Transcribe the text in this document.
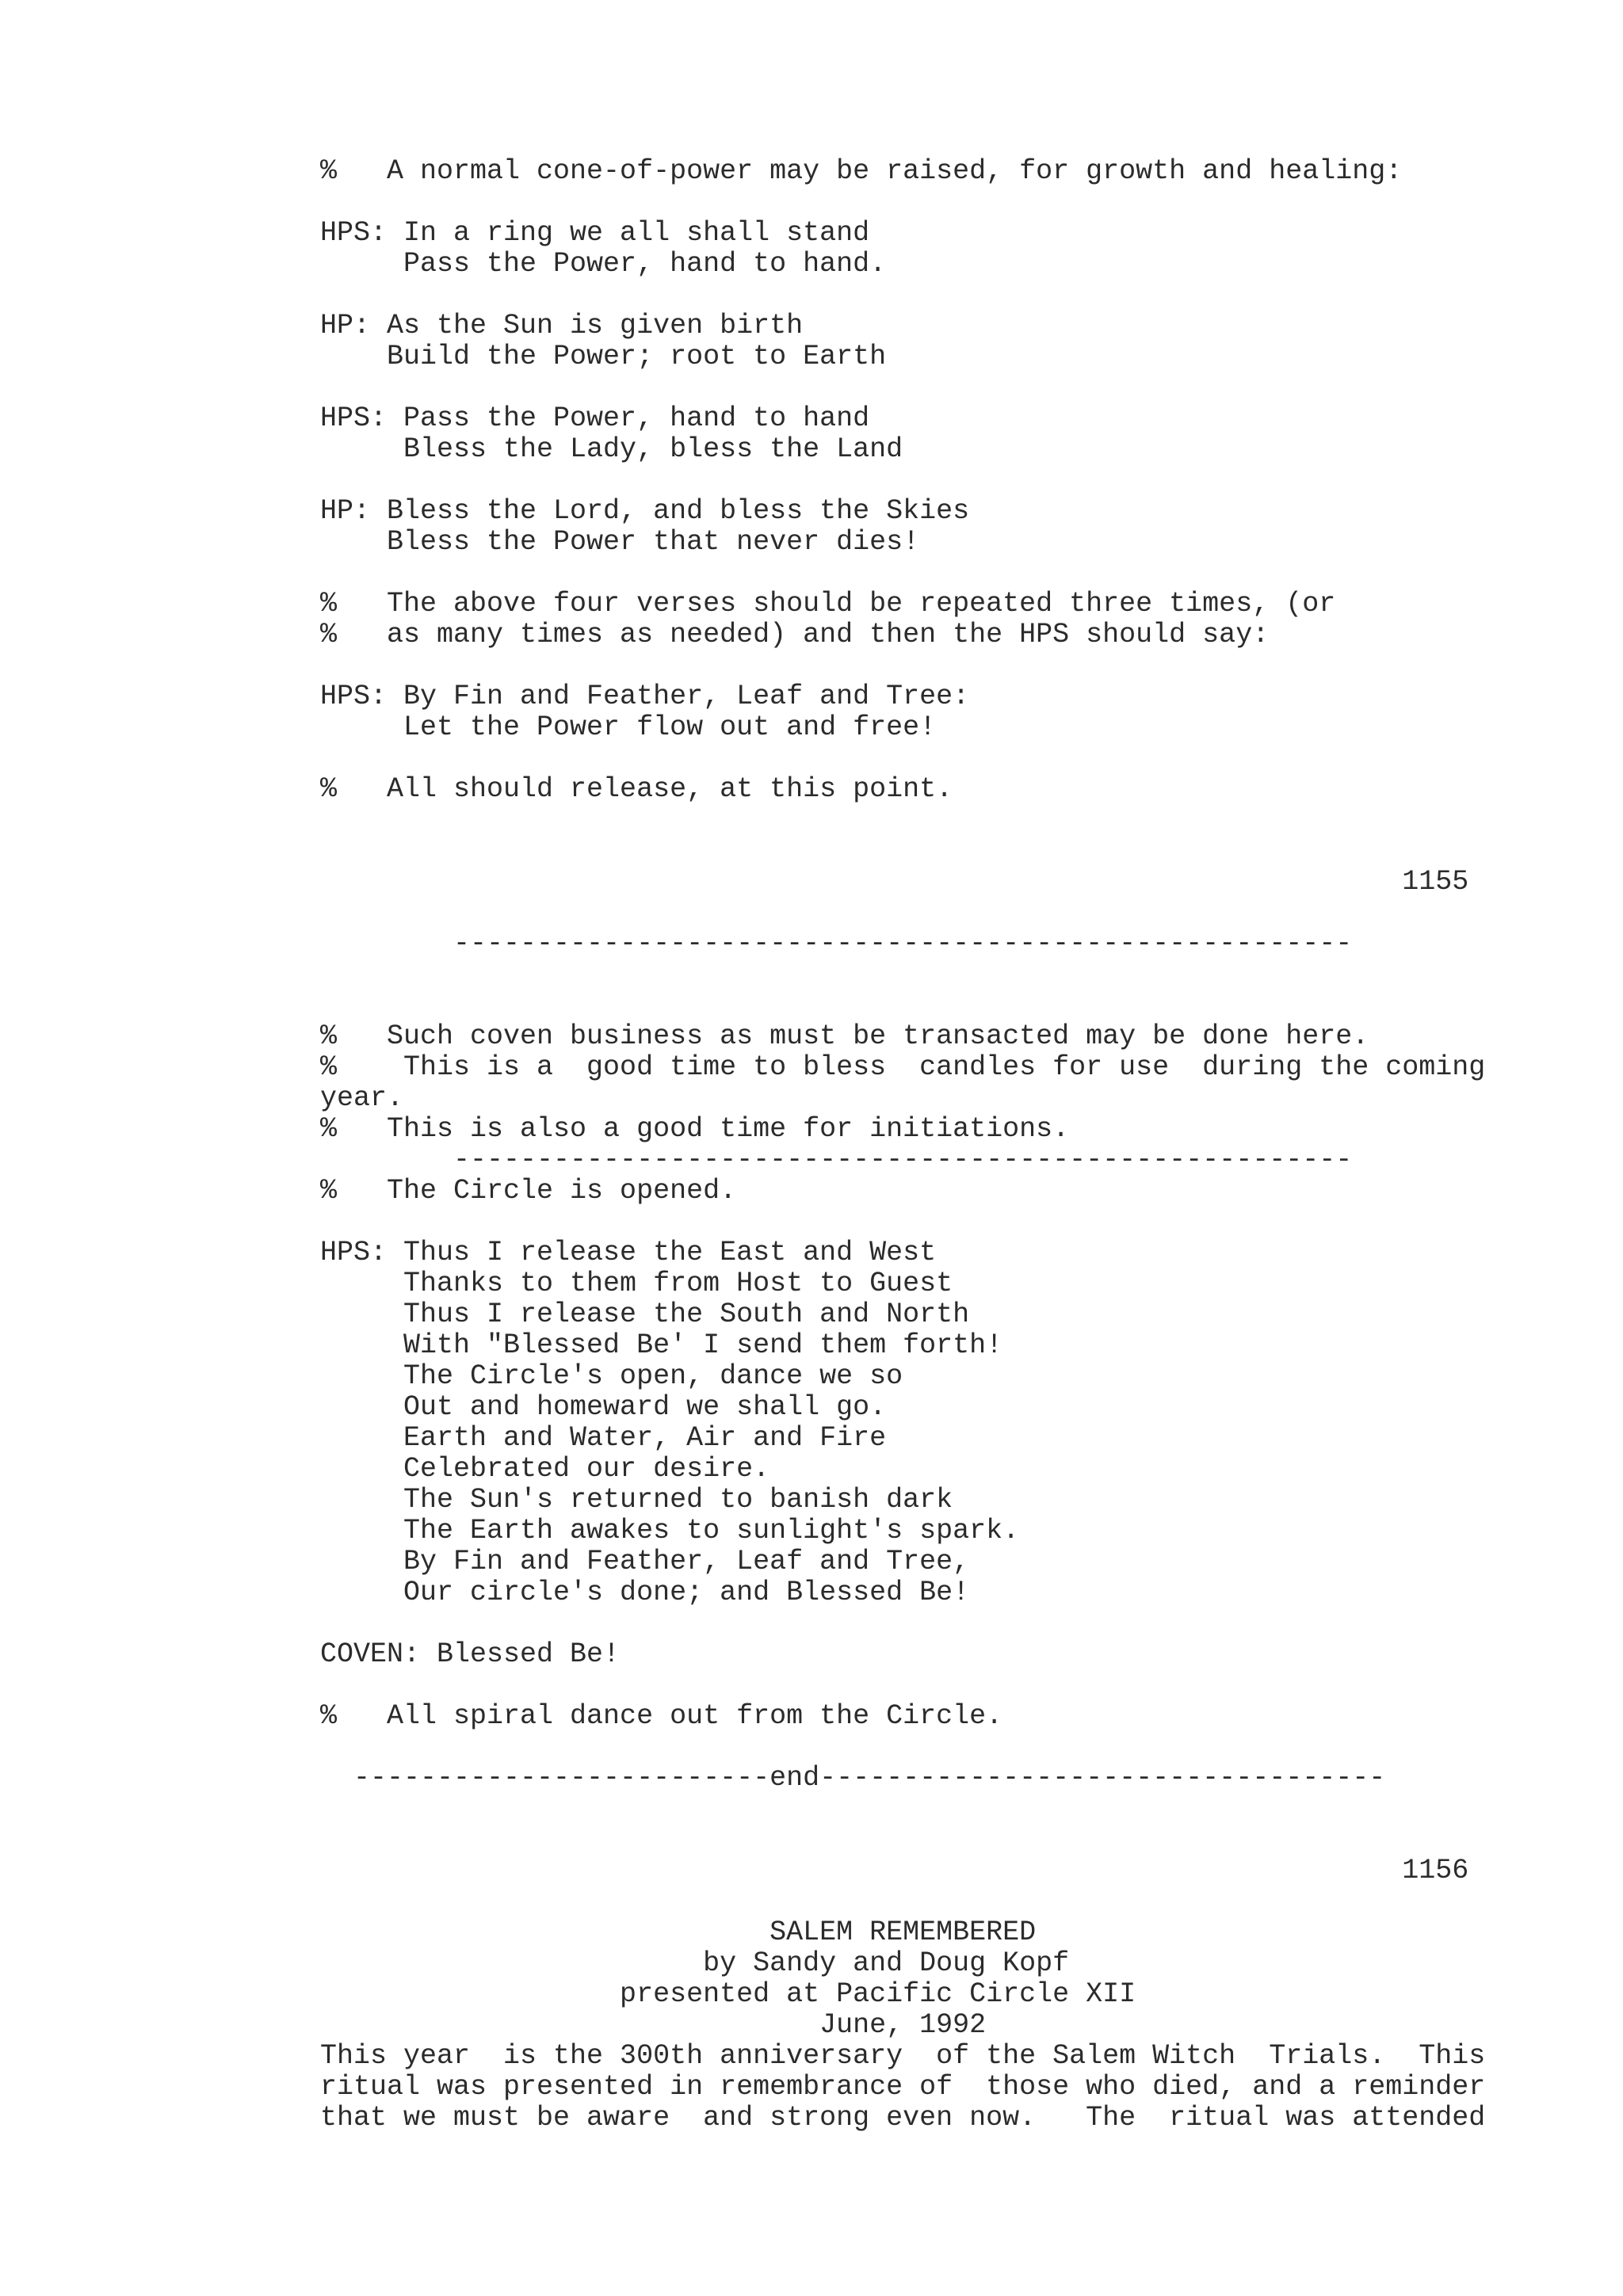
%   A normal cone-of-power may be raised, for growth and healing:
HPS: In a ring we all shall stand
Pass the Power, hand to hand.
HP: As the Sun is given birth
Build the Power; root to Earth
HPS: Pass the Power, hand to hand
Bless the Lady, bless the Land
HP: Bless the Lord, and bless the Skies
Bless the Power that never dies!
%   The above four verses should be repeated three times, (or
%   as many times as needed) and then the HPS should say:
HPS: By Fin and Feather, Leaf and Tree:
Let the Power flow out and free!
%   All should release, at this point.
1155
------------------------------------------------------
%   Such coven business as must be transacted may be done here.
%    This is a  good time to bless  candles for use  during the coming
year.
%   This is also a good time for initiations.
------------------------------------------------------
%   The Circle is opened.
HPS: Thus I release the East and West
Thanks to them from Host to Guest
Thus I release the South and North
With "Blessed Be' I send them forth!
The Circle's open, dance we so
Out and homeward we shall go.
Earth and Water, Air and Fire
Celebrated our desire.
The Sun's returned to banish dark
The Earth awakes to sunlight's spark.
By Fin and Feather, Leaf and Tree,
Our circle's done; and Blessed Be!
COVEN: Blessed Be!
%   All spiral dance out from the Circle.
-------------------------end----------------------------------
1156
SALEM REMEMBERED
by Sandy and Doug Kopf
presented at Pacific Circle XII
June, 1992
This year  is the 300th anniversary  of the Salem Witch  Trials.  This
ritual was presented in remembrance of  those who died, and a reminder
that we must be aware  and strong even now.   The  ritual was attended
